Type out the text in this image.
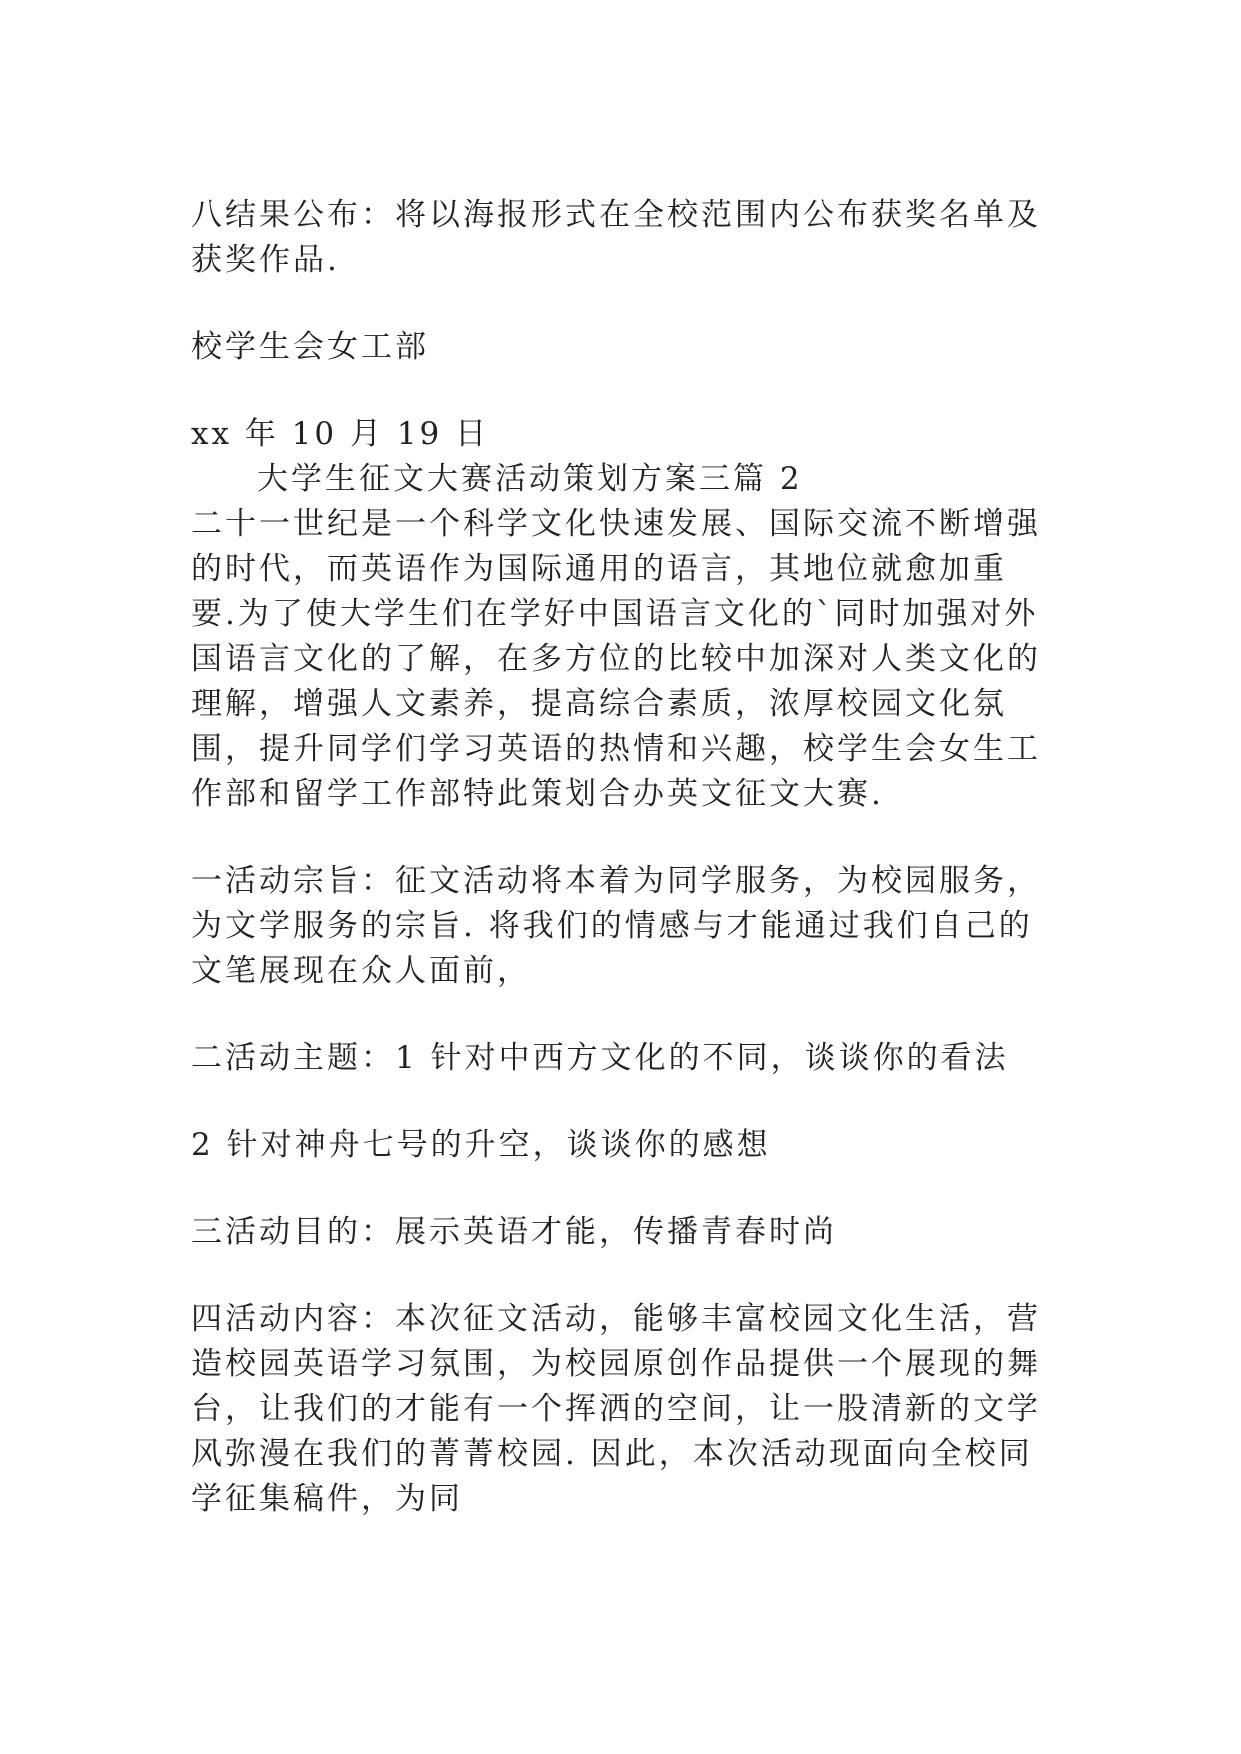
八结果公布：将以海报形式在全校范围内公布获奖名单及获奖作品.

校学生会女工部

xx 年 10 月 19 日

大学生征文大赛活动策划方案三篇 2

二十一世纪是一个科学文化快速发展、国际交流不断增强的时代，而英语作为国际通用的语言，其地位就愈加重要.为了使大学生们在学好中国语言文化的`同时加强对外国语言文化的了解，在多方位的比较中加深对人类文化的理解，增强人文素养，提高综合素质，浓厚校园文化氛围，提升同学们学习英语的热情和兴趣，校学生会女生工作部和留学工作部特此策划合办英文征文大赛.

一活动宗旨：征文活动将本着为同学服务，为校园服务，为文学服务的宗旨. 将我们的情感与才能通过我们自己的文笔展现在众人面前，

二活动主题：1 针对中西方文化的不同，谈谈你的看法

2 针对神舟七号的升空，谈谈你的感想

三活动目的：展示英语才能，传播青春时尚

四活动内容：本次征文活动，能够丰富校园文化生活，营造校园英语学习氛围，为校园原创作品提供一个展现的舞台，让我们的才能有一个挥洒的空间，让一股清新的文学风弥漫在我们的菁菁校园. 因此，本次活动现面向全校同学征集稿件，为同
